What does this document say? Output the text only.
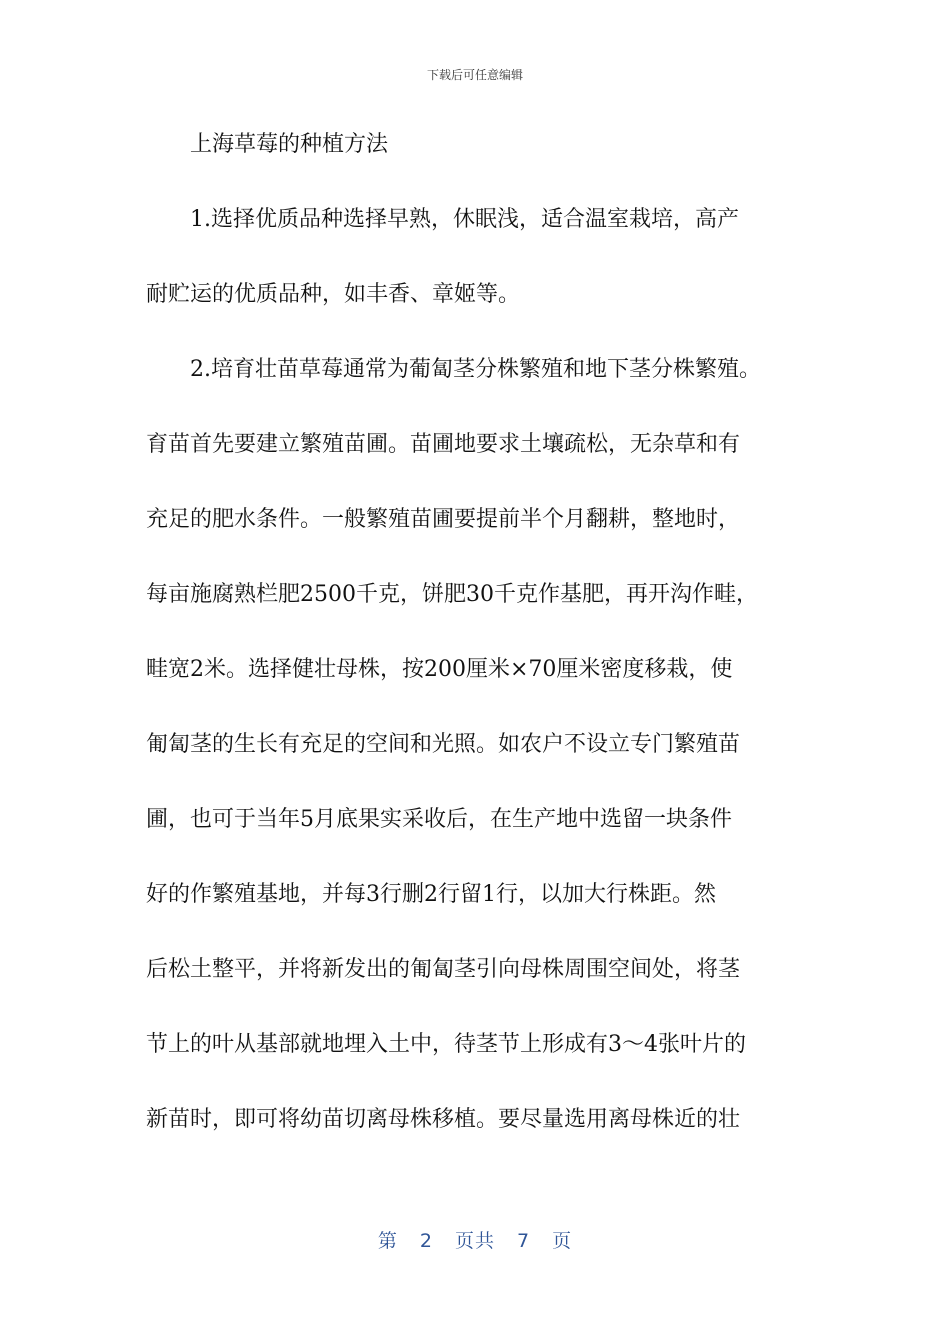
下载后可任意编辑
上海草莓的种植方法
1.选择优质品种选择早熟，休眠浅，适合温室栽培，高产
耐贮运的优质品种，如丰香、章姬等。
2.培育壮苗草莓通常为葡匐茎分株繁殖和地下茎分株繁殖。
育苗首先要建立繁殖苗圃。苗圃地要求土壤疏松，无杂草和有
充足的肥水条件。一般繁殖苗圃要提前半个月翻耕，整地时，
每亩施腐熟栏肥2500千克，饼肥30千克作基肥，再开沟作畦，
畦宽2米。选择健壮母株，按200厘米×70厘米密度移栽，使
匍匐茎的生长有充足的空间和光照。如农户不设立专门繁殖苗
圃，也可于当年5月底果实采收后，在生产地中选留一块条件
好的作繁殖基地，并每3行删2行留1行，以加大行株距。然
后松土整平，并将新发出的匍匐茎引向母株周围空间处，将茎
节上的叶从基部就地埋入土中，待茎节上形成有3～4张叶片的
新苗时，即可将幼苗切离母株移植。要尽量选用离母株近的壮
第 2 页共 7 页
